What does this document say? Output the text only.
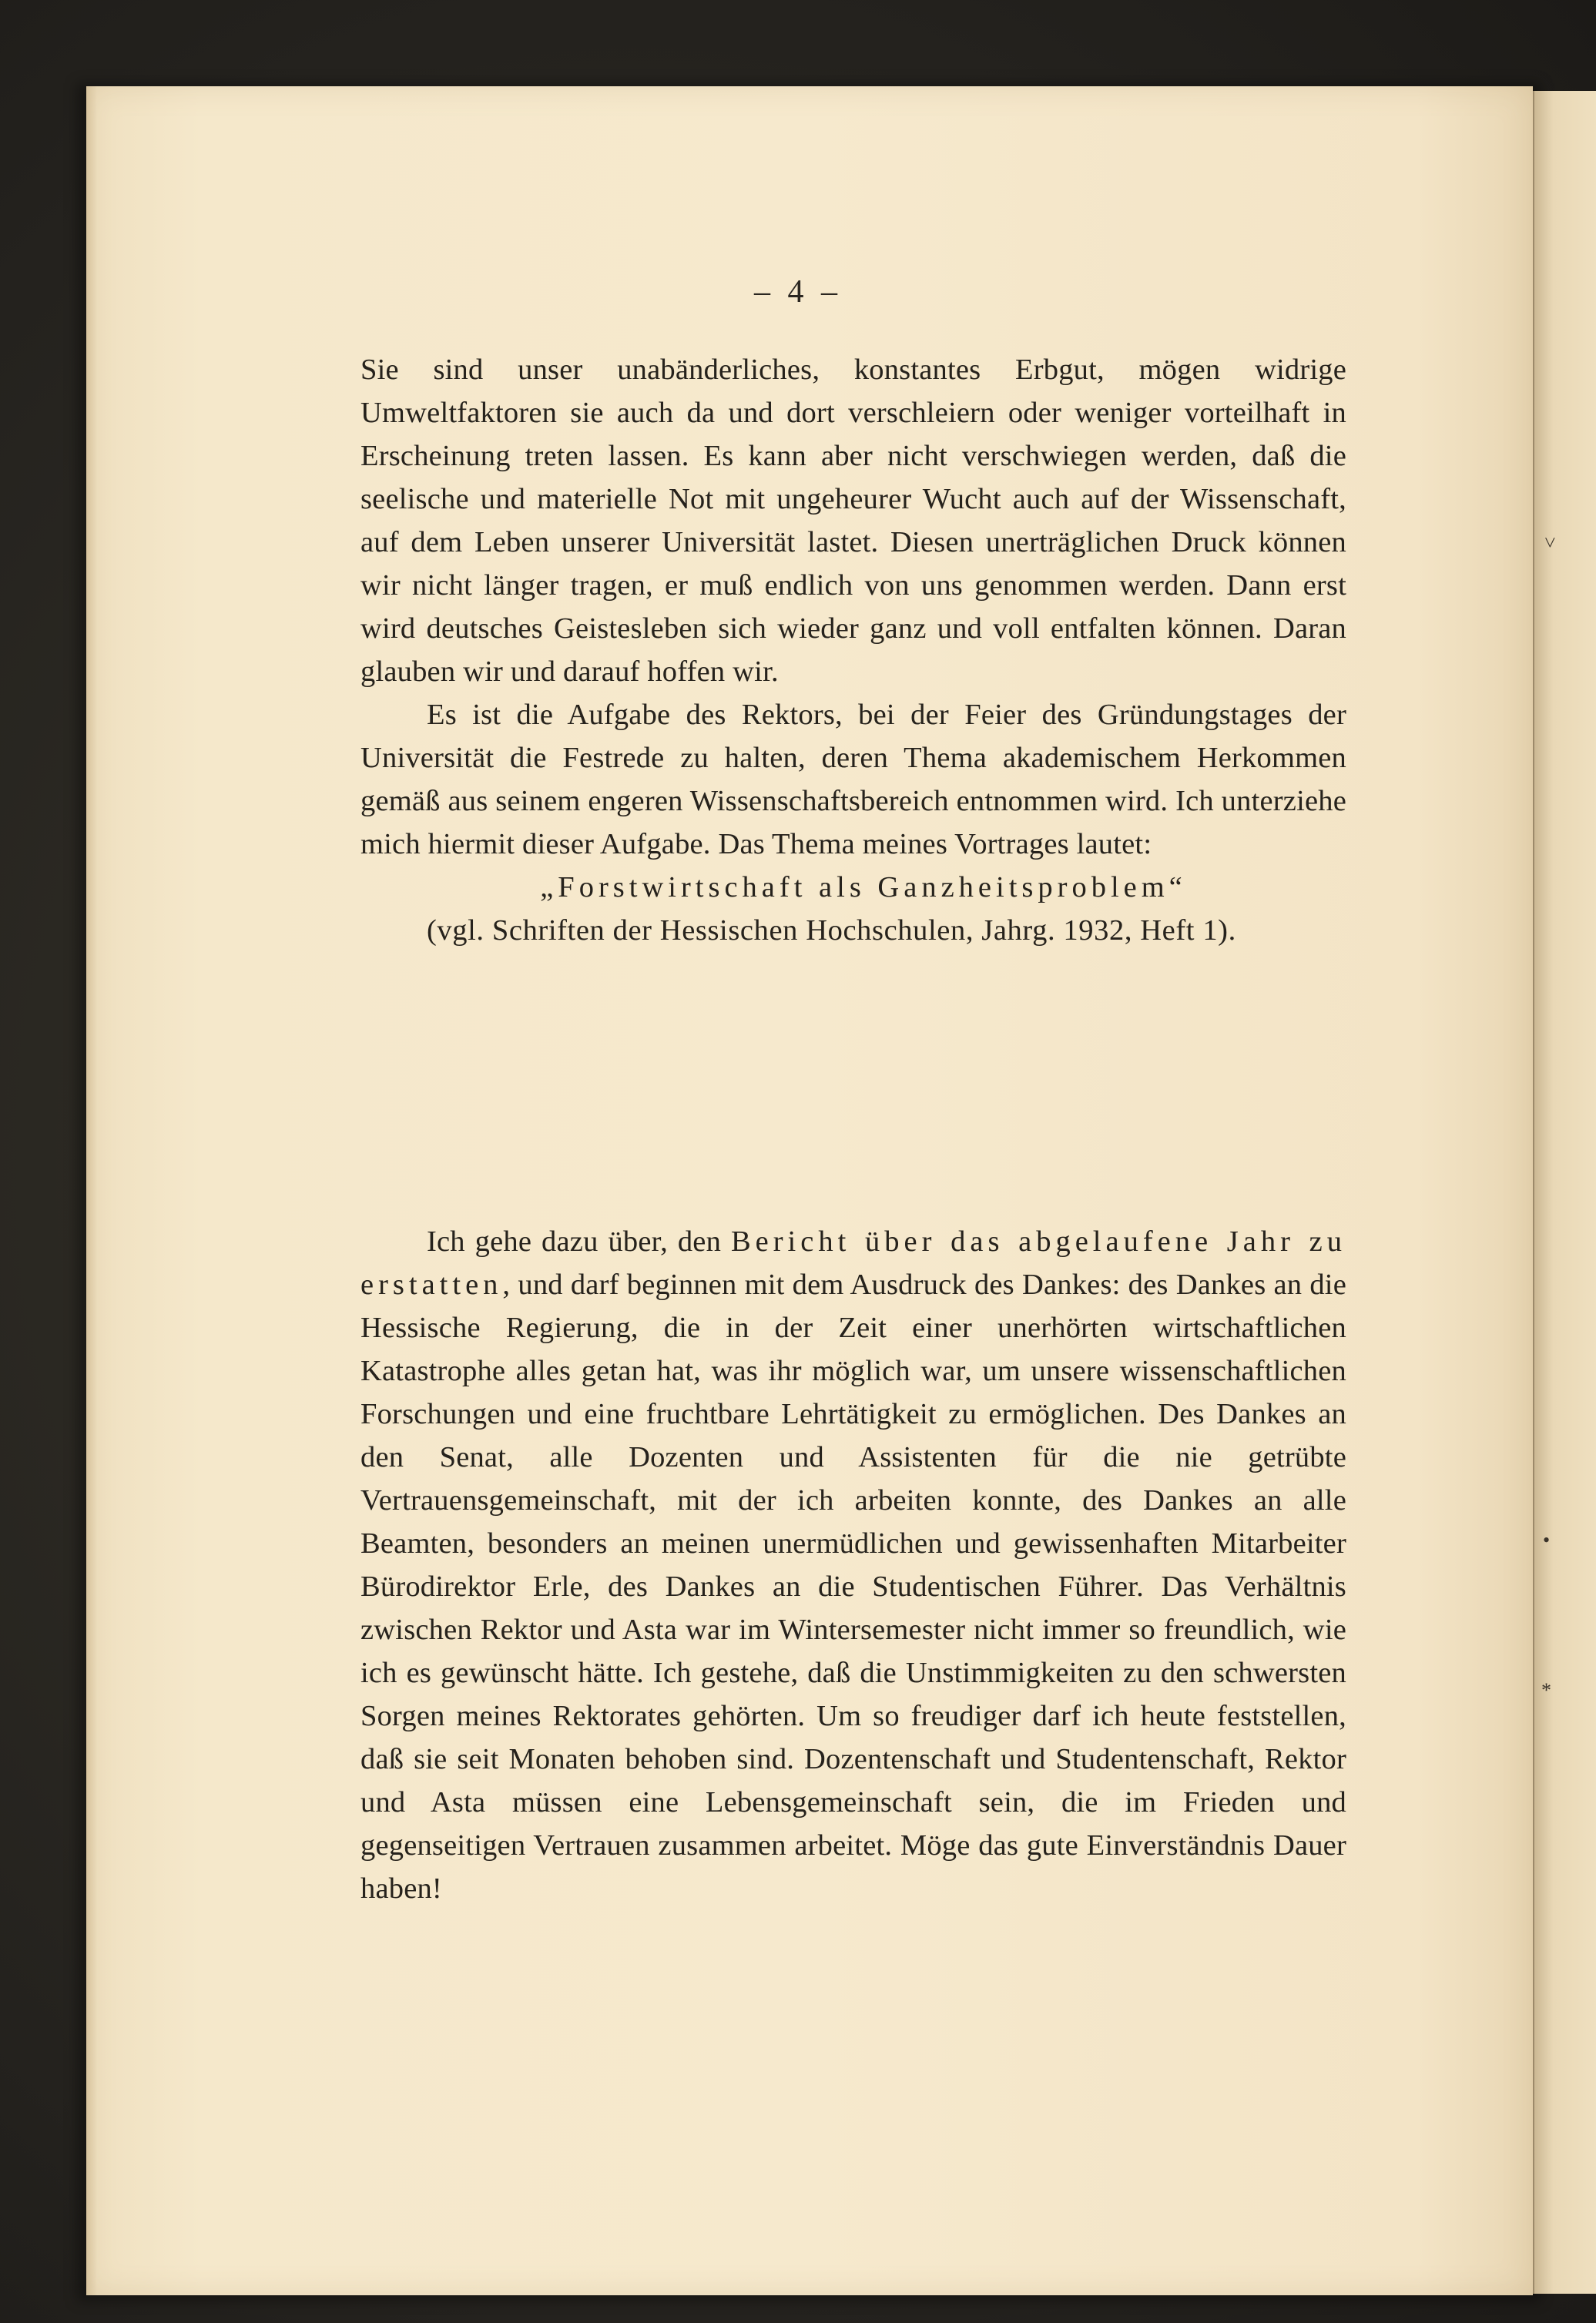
– 4 –

Sie sind unser unabänderliches, konstantes Erbgut, mögen widrige Umweltfaktoren sie auch da und dort verschleiern oder weniger vorteilhaft in Erscheinung treten lassen. Es kann aber nicht verschwiegen werden, daß die seelische und materielle Not mit ungeheurer Wucht auch auf der Wissenschaft, auf dem Leben unserer Universität lastet. Diesen unerträglichen Druck können wir nicht länger tragen, er muß endlich von uns genommen werden. Dann erst wird deutsches Geistesleben sich wieder ganz und voll entfalten können. Daran glauben wir und darauf hoffen wir.

Es ist die Aufgabe des Rektors, bei der Feier des Gründungstages der Universität die Festrede zu halten, deren Thema akademischem Herkommen gemäß aus seinem engeren Wissenschaftsbereich entnommen wird. Ich unterziehe mich hiermit dieser Aufgabe. Das Thema meines Vortrages lautet:

„Forstwirtschaft als Ganzheitsproblem“

(vgl. Schriften der Hessischen Hochschulen, Jahrg. 1932, Heft 1).

Ich gehe dazu über, den Bericht über das abgelaufene Jahr zu erstatten, und darf beginnen mit dem Ausdruck des Dankes: des Dankes an die Hessische Regierung, die in der Zeit einer unerhörten wirtschaftlichen Katastrophe alles getan hat, was ihr möglich war, um unsere wissenschaftlichen Forschungen und eine fruchtbare Lehrtätigkeit zu ermöglichen. Des Dankes an den Senat, alle Dozenten und Assistenten für die nie getrübte Vertrauensgemeinschaft, mit der ich arbeiten konnte, des Dankes an alle Beamten, besonders an meinen unermüdlichen und gewissenhaften Mitarbeiter Bürodirektor Erle, des Dankes an die Studentischen Führer. Das Verhältnis zwischen Rektor und Asta war im Wintersemester nicht immer so freundlich, wie ich es gewünscht hätte. Ich gestehe, daß die Unstimmigkeiten zu den schwersten Sorgen meines Rektorates gehörten. Um so freudiger darf ich heute feststellen, daß sie seit Monaten behoben sind. Dozentenschaft und Studentenschaft, Rektor und Asta müssen eine Lebensgemeinschaft sein, die im Frieden und gegenseitigen Vertrauen zusammen arbeitet. Möge das gute Einverständnis Dauer haben!

˅
•
*
